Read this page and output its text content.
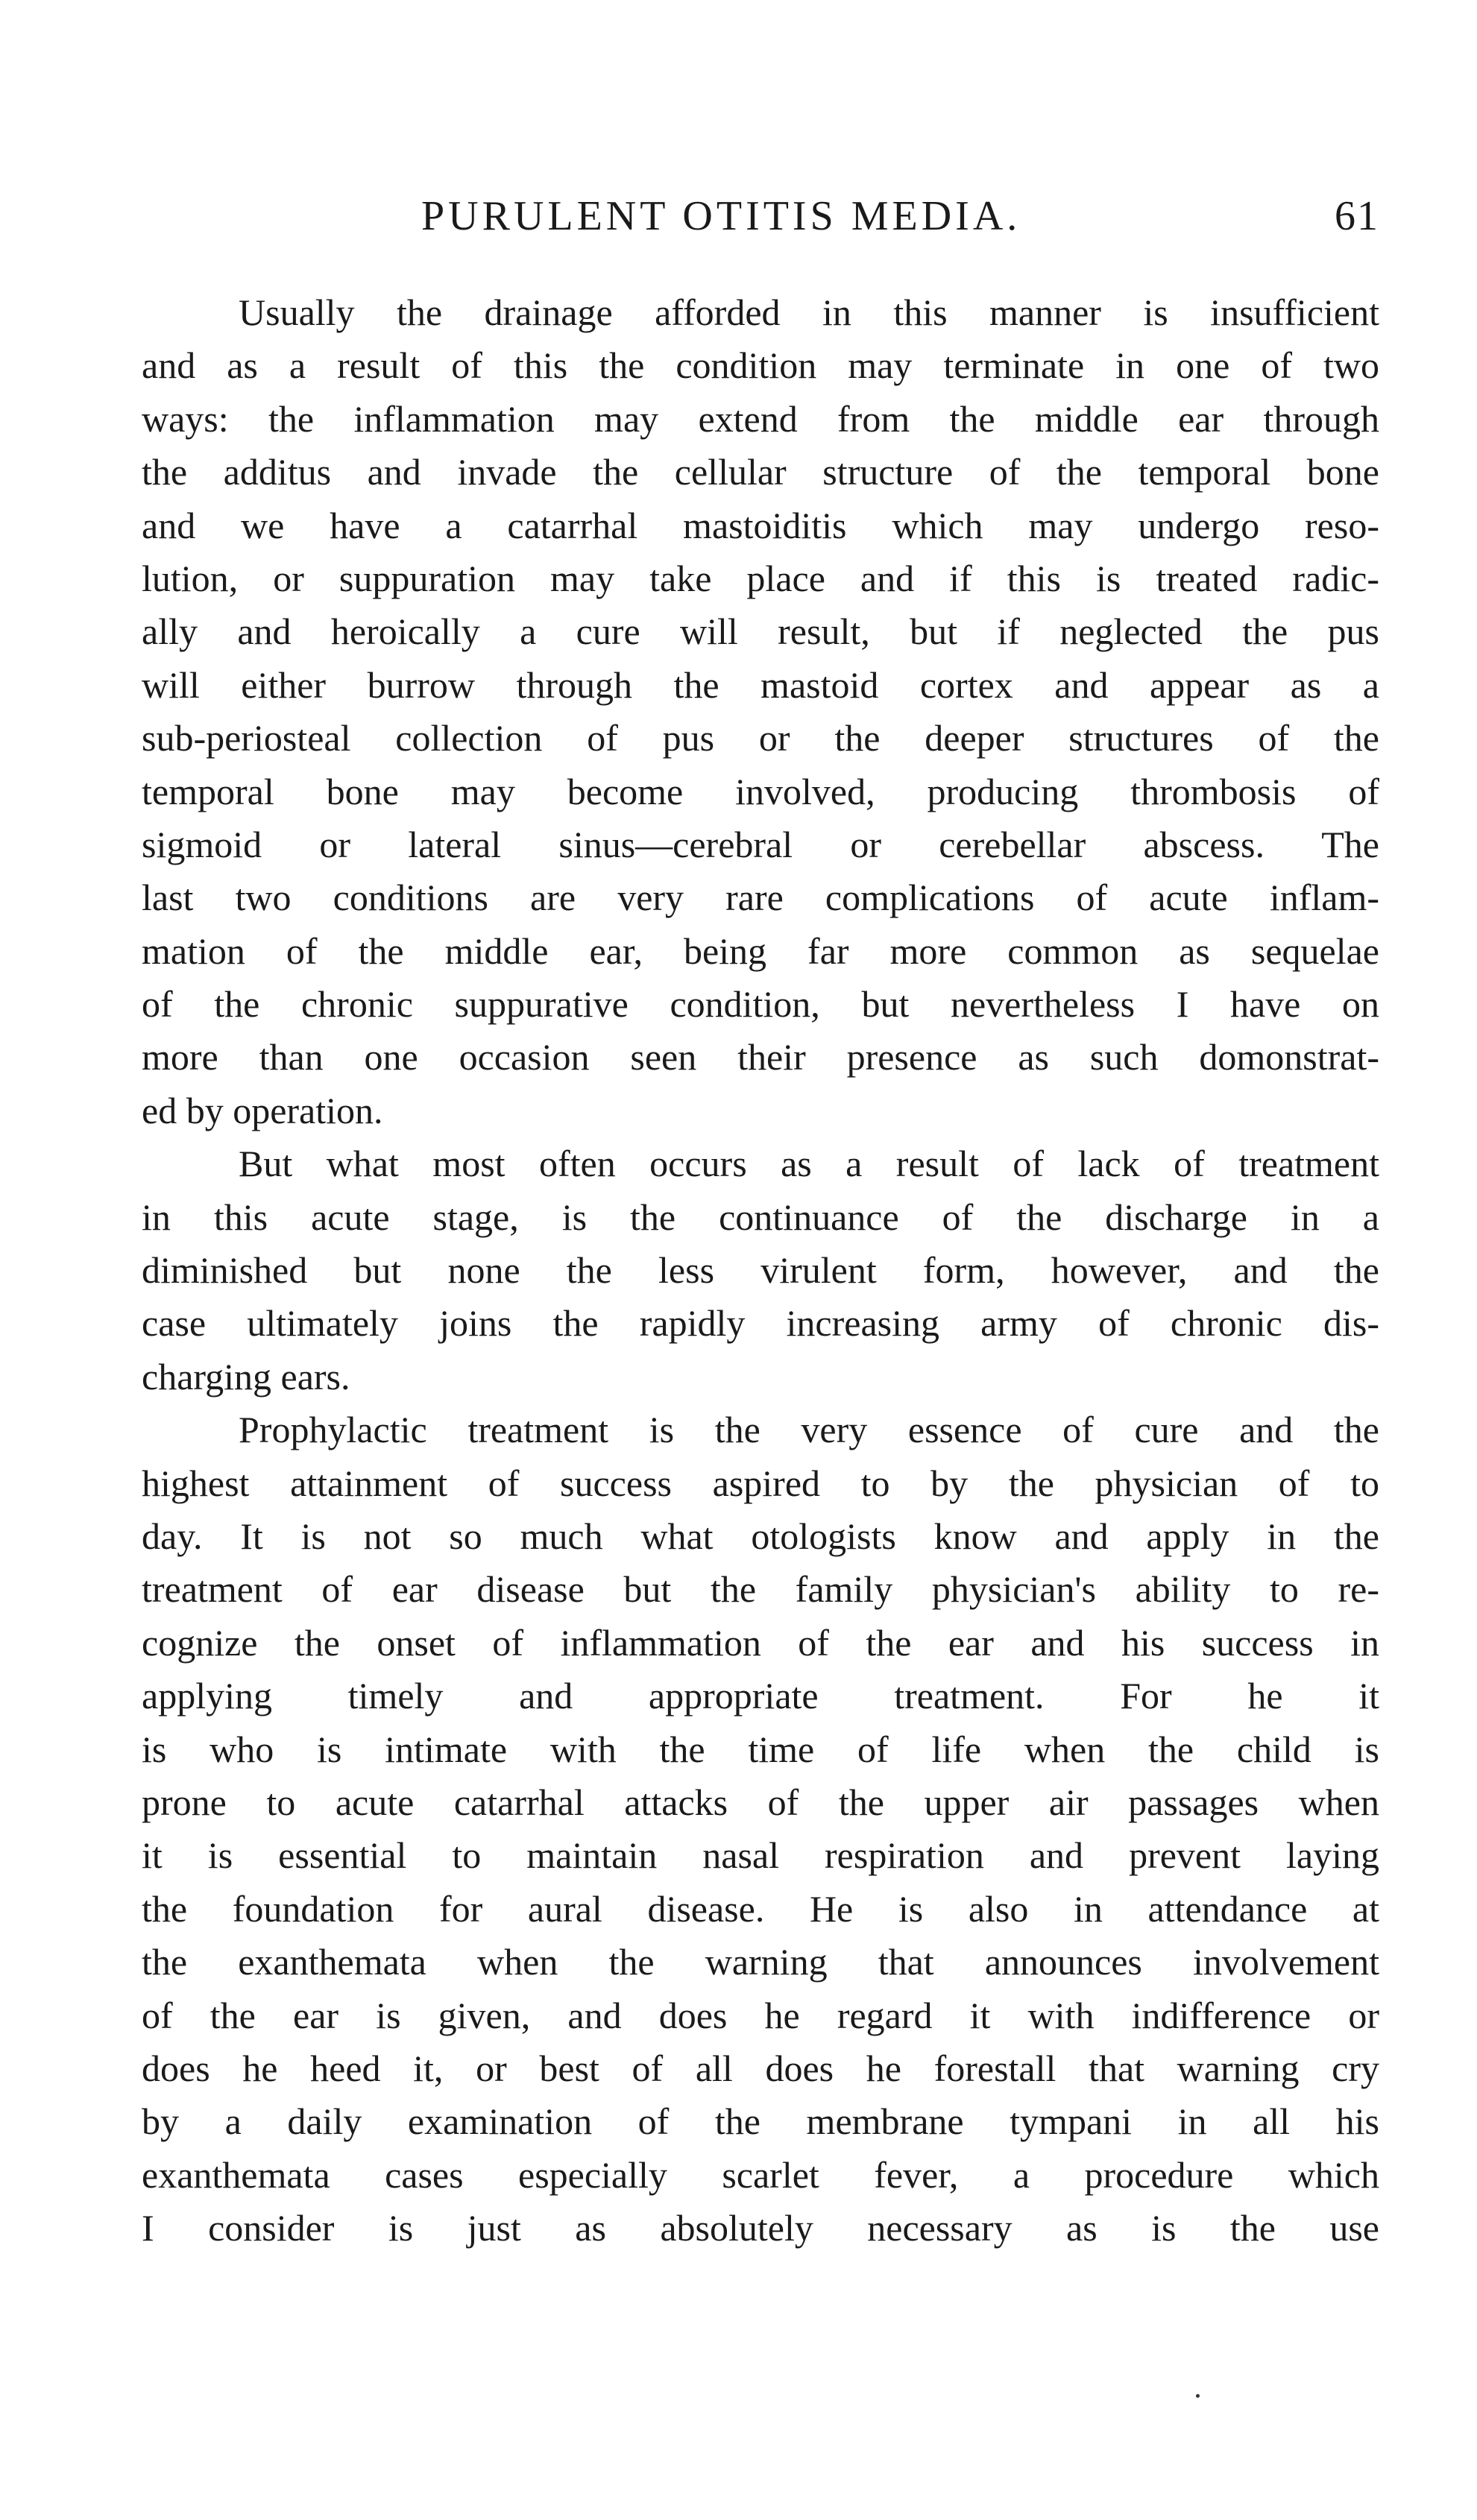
PURULENT OTITIS MEDIA.	61
Usually the drainage afforded in this manner is insufficient
and as a result of this the condition may terminate in one of two
ways: the inflammation may extend from the middle ear through
the additus and invade the cellular structure of the temporal bone
and we have a catarrhal mastoiditis which may undergo reso-
lution, or suppuration may take place and if this is treated radic-
ally and heroically a cure will result, but if neglected the pus
will either burrow through the mastoid cortex and appear as a
sub-periosteal collection of pus or the deeper structures of the
temporal bone may become involved, producing thrombosis of
sigmoid or lateral sinus—cerebral or cerebellar abscess. The
last two conditions are very rare complications of acute inflam-
mation of the middle ear, being far more common as sequelae
of the chronic suppurative condition, but nevertheless I have on
more than one occasion seen their presence as such domonstrat-
ed by operation.
But what most often occurs as a result of lack of treatment
in this acute stage, is the continuance of the discharge in a
diminished but none the less virulent form, however, and the
case ultimately joins the rapidly increasing army of chronic dis-
charging ears.
Prophylactic treatment is the very essence of cure and the
highest attainment of success aspired to by the physician of to
day. It is not so much what otologists know and apply in the
treatment of ear disease but the family physician's ability to re-
cognize the onset of inflammation of the ear and his success in
applying timely and appropriate treatment. For he it
is who is intimate with the time of life when the child is
prone to acute catarrhal attacks of the upper air passages when
it is essential to maintain nasal respiration and prevent laying
the foundation for aural disease. He is also in attendance at
the exanthemata when the warning that announces involvement
of the ear is given, and does he regard it with indifference or
does he heed it, or best of all does he forestall that warning cry
by a daily examination of the membrane tympani in all his
exanthemata cases especially scarlet fever, a procedure which
I consider is just as absolutely necessary as is the use
